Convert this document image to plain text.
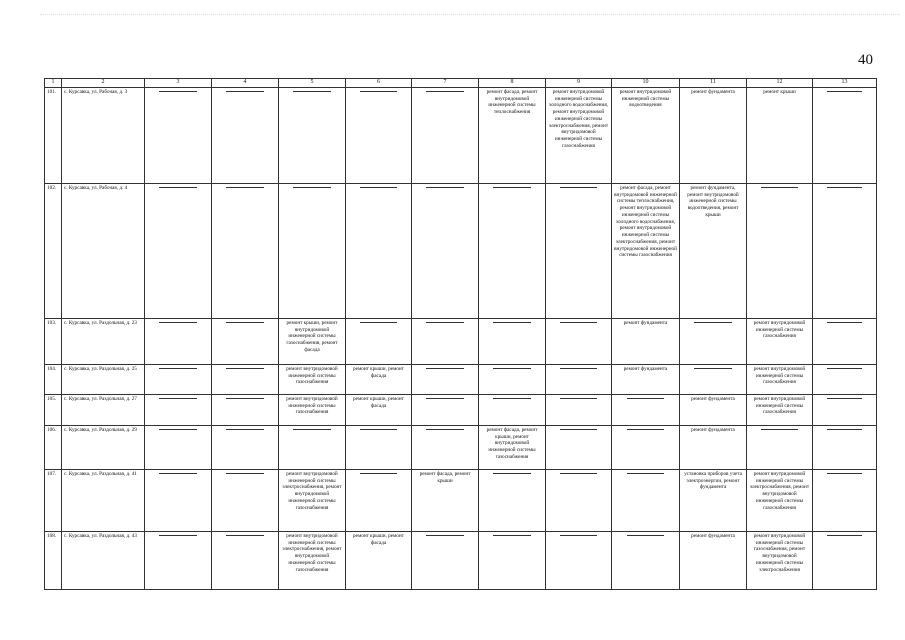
40
1	2	3	4	5	6	7	8	9	10	11	12	13
101.	с. Курсавка, ул. Рабочая, д. 3						ремонт фасада, ремонт внутридомовой инженерной системы теплоснабжения	ремонт внутридомовой инженерной системы холодного водоснабжения, ремонт внутридомовой инженерной системы электроснабжения, ремонт внутридомовой инженерной системы газоснабжения	ремонт внутридомовой инженерной системы водоотведения	ремонт фундамента	ремонт крыши	
102.	с. Курсавка, ул. Рабочая, д. 4								ремонт фасада, ремонт внутридомовой инженерной системы теплоснабжения, ремонт внутридомовой инженерной системы холодного водоснабжения, ремонт внутридомовой инженерной системы электроснабжения, ремонт внутридомовой инженерной системы газоснабжения	ремонт фундамента, ремонт внутридомовой инженерной системы водоотведения, ремонт крыши		
103.	с. Курсавка, ул. Раздольная, д. 23			ремонт крыши, ремонт внутридомовой инженерной системы газоснабжения, ремонт фасада					ремонт фундамента		ремонт внутридомовой инженерной системы газоснабжения	
104.	с. Курсавка, ул. Раздольная, д. 25			ремонт внутридомовой инженерной системы газоснабжения	ремонт крыши, ремонт фасада				ремонт фундамента		ремонт внутридомовой инженерной системы газоснабжения	
105.	с. Курсавка, ул. Раздольная, д. 27			ремонт внутридомовой инженерной системы газоснабжения	ремонт крыши, ремонт фасада					ремонт фундамента	ремонт внутридомовой инженерной системы газоснабжения	
106.	с. Курсавка, ул. Раздольная, д. 29						ремонт фасада, ремонт крыши, ремонт внутридомовой инженерной системы газоснабжения			ремонт фундамента		
107.	с. Курсавка, ул. Раздольная, д. 41			ремонт внутридомовой инженерной системы электроснабжения, ремонт внутридомовой инженерной системы газоснабжения		ремонт фасада, ремонт крыши				установка приборов учета электроэнергии, ремонт фундамента	ремонт внутридомовой инженерной системы электроснабжения, ремонт внутридомовой инженерной системы газоснабжения	
108.	с. Курсавка, ул. Раздольная, д. 43			ремонт внутридомовой инженерной системы электроснабжения, ремонт внутридомовой инженерной системы газоснабжения	ремонт крыши, ремонт фасада					ремонт фундамента	ремонт внутридомовой инженерной системы газоснабжения, ремонт внутридомовой инженерной системы электроснабжения	
